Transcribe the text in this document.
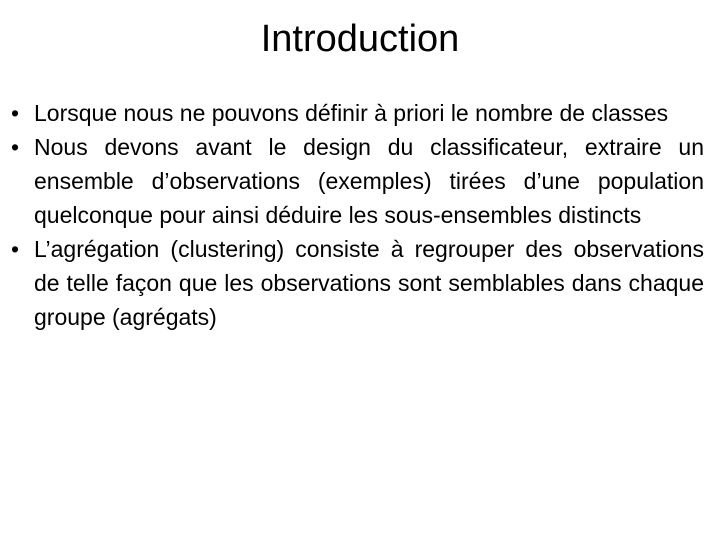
Introduction
• Lorsque nous ne pouvons définir à priori le nombre de classes
• Nous devons avant le design du classificateur, extraire un ensemble d’observations (exemples) tirées d’une population quelconque pour ainsi déduire les sous-ensembles distincts
• L’agrégation (clustering) consiste à regrouper des observations de telle façon que les observations sont semblables dans chaque groupe (agrégats)
